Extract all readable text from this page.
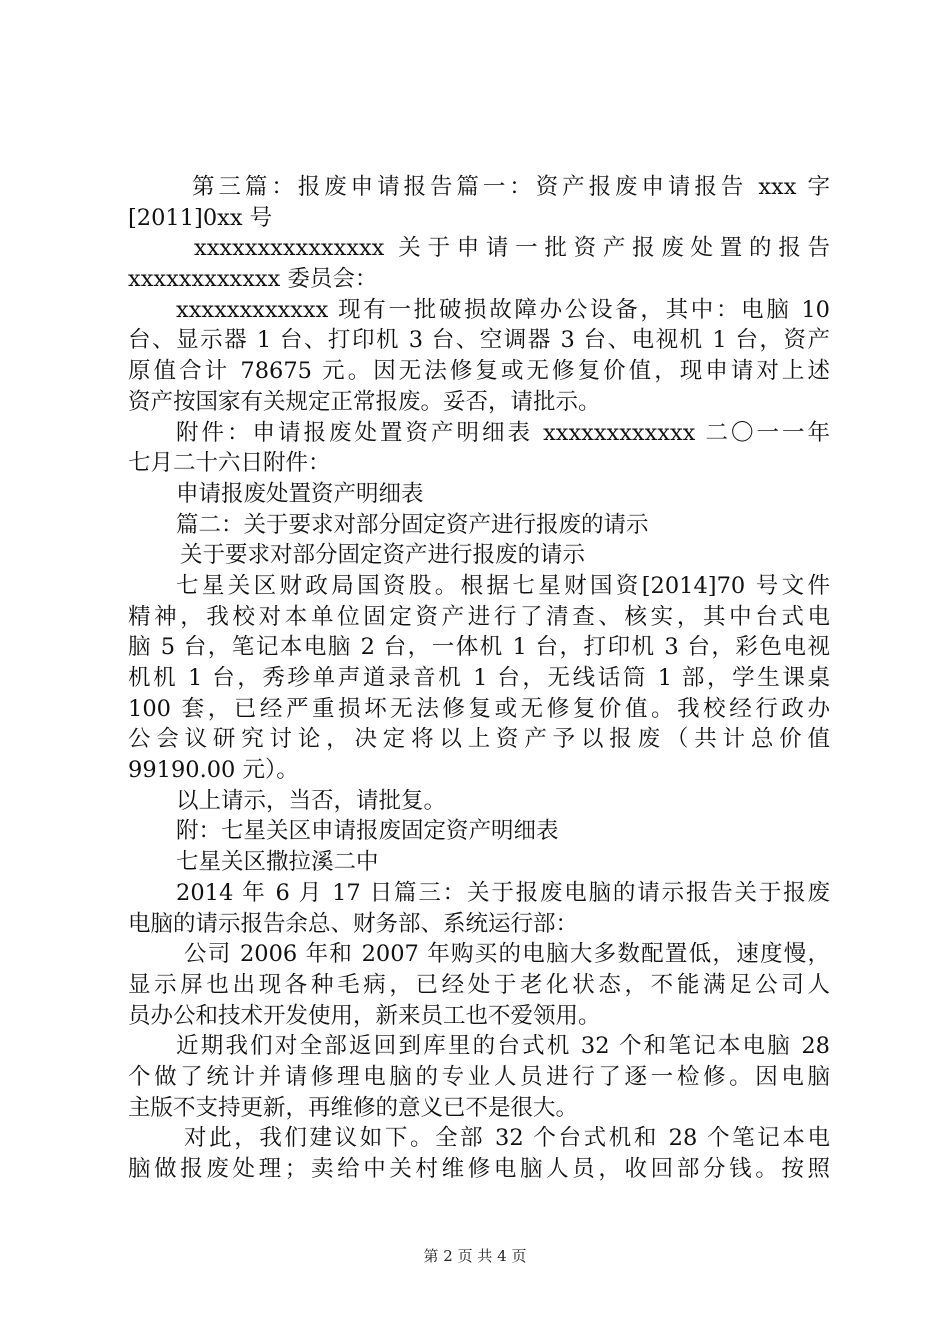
第三篇：报废申请报告篇一：资产报废申请报告 xxx 字
[2011]0xx 号
xxxxxxxxxxxxxxx 关于申请一批资产报废处置的报告
xxxxxxxxxxxx 委员会：
xxxxxxxxxxxx 现有一批破损故障办公设备，其中：电脑 10
台、显示器 1 台、打印机 3 台、空调器 3 台、电视机 1 台，资产
原值合计 78675 元。因无法修复或无修复价值，现申请对上述
资产按国家有关规定正常报废。妥否，请批示。
附件：申请报废处置资产明细表 xxxxxxxxxxxx 二〇一一年
七月二十六日附件：
申请报废处置资产明细表
篇二：关于要求对部分固定资产进行报废的请示
关于要求对部分固定资产进行报废的请示
七星关区财政局国资股。根据七星财国资[2014]70 号文件
精神，我校对本单位固定资产进行了清查、核实，其中台式电
脑 5 台，笔记本电脑 2 台，一体机 1 台，打印机 3 台，彩色电视
机机 1 台，秀珍单声道录音机 1 台，无线话筒 1 部，学生课桌
100 套，已经严重损坏无法修复或无修复价值。我校经行政办
公会议研究讨论，决定将以上资产予以报废（共计总价值
99190.00 元）。
以上请示，当否，请批复。
附：七星关区申请报废固定资产明细表
七星关区撒拉溪二中
2014 年 6 月 17 日篇三：关于报废电脑的请示报告关于报废
电脑的请示报告余总、财务部、系统运行部：
公司 2006 年和 2007 年购买的电脑大多数配置低，速度慢，
显示屏也出现各种毛病，已经处于老化状态，不能满足公司人
员办公和技术开发使用，新来员工也不爱领用。
近期我们对全部返回到库里的台式机 32 个和笔记本电脑 28
个做了统计并请修理电脑的专业人员进行了逐一检修。因电脑
主版不支持更新，再维修的意义已不是很大。
对此，我们建议如下。全部 32 个台式机和 28 个笔记本电
脑做报废处理；卖给中关村维修电脑人员，收回部分钱。按照
第 2 页 共 4 页
